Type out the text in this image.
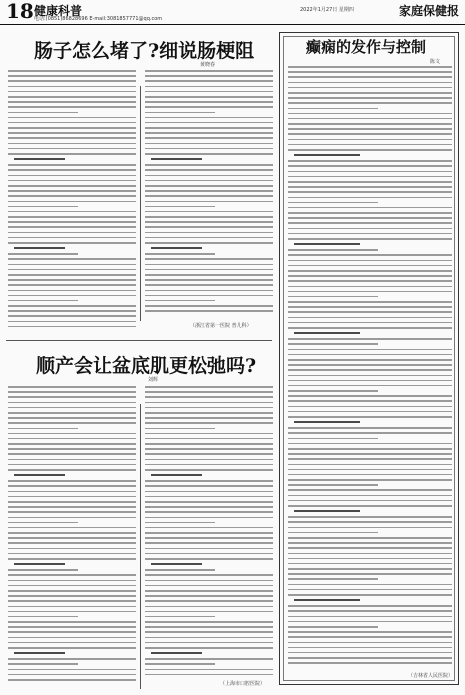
18 健康科普
电话:(0851)86828696 E-mail:3081857771@qq.com
2022年1月27日 星期四	家庭保健报
肠子怎么堵了?细说肠梗阻
黄晓春
（浙江省第一医院 普儿科）
顺产会让盆底肌更松弛吗?
刘辉
（上海市口腔医院）
癫痫的发作与控制
陈文
（吉林省人民医院）
